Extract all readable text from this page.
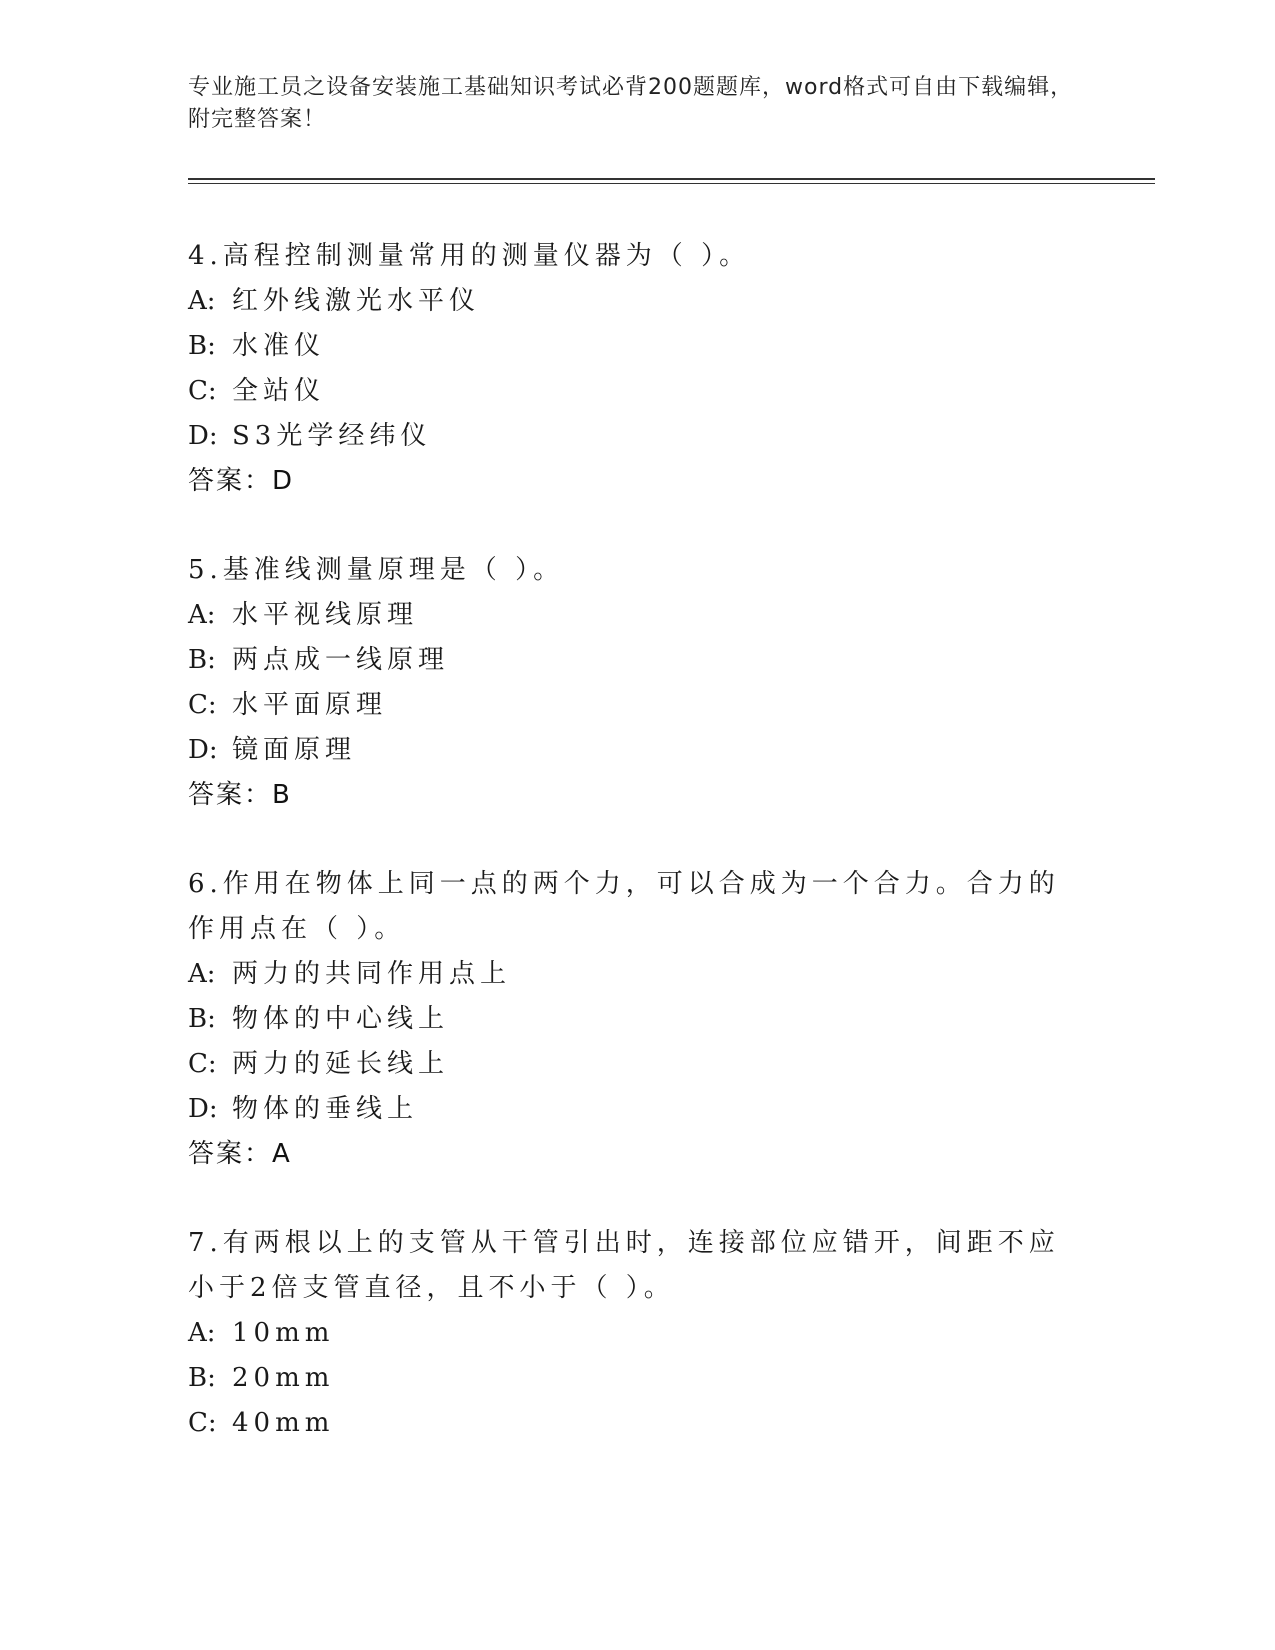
专业施工员之设备安装施工基础知识考试必背200题题库，word格式可自由下载编辑，附完整答案！

4.高程控制测量常用的测量仪器为（ ）。

A: 红外线激光水平仪

B: 水准仪

C: 全站仪

D: S3光学经纬仪

答案：D

5.基准线测量原理是（ ）。

A: 水平视线原理

B: 两点成一线原理

C: 水平面原理

D: 镜面原理

答案：B

6.作用在物体上同一点的两个力，可以合成为一个合力。合力的作用点在（ ）。

A: 两力的共同作用点上

B: 物体的中心线上

C: 两力的延长线上

D: 物体的垂线上

答案：A

7.有两根以上的支管从干管引出时，连接部位应错开，间距不应小于2倍支管直径，且不小于（ ）。

A: 10mm

B: 20mm

C: 40mm
